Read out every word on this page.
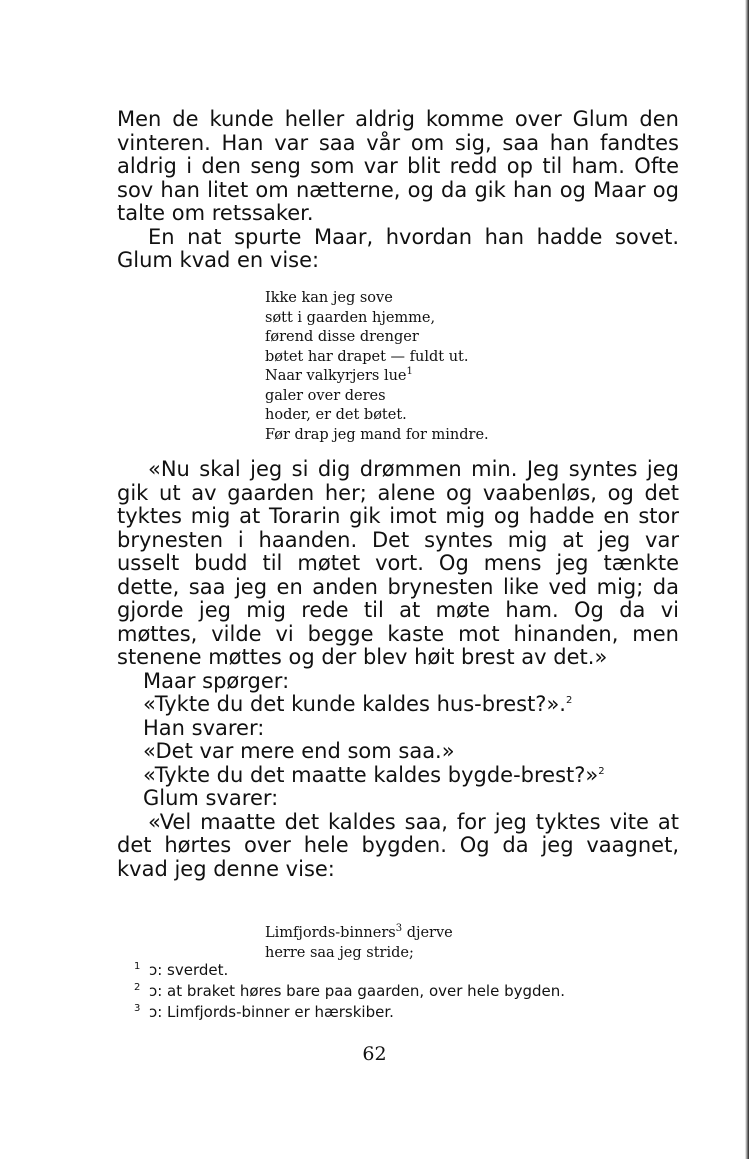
Men de kunde heller aldrig komme over Glum den vinteren. Han var saa vår om sig, saa han fandtes aldrig i den seng som var blit redd op til ham. Ofte sov han litet om nætterne, og da gik han og Maar og talte om retssaker.

En nat spurte Maar, hvordan han hadde sovet. Glum kvad en vise:

Ikke kan jeg sove
søtt i gaarden hjemme,
førend disse drenger
bøtet har drapet — fuldt ut.
Naar valkyrjers lue$^1$
galer over deres
hoder, er det bøtet.
Før drap jeg mand for mindre.

«Nu skal jeg si dig drømmen min. Jeg syntes jeg gik ut av gaarden her; alene og vaabenløs, og det tyktes mig at Torarin gik imot mig og hadde en stor brynesten i haanden. Det syntes mig at jeg var usselt budd til møtet vort. Og mens jeg tænkte dette, saa jeg en anden brynesten like ved mig; da gjorde jeg mig rede til at møte ham. Og da vi møttes, vilde vi begge kaste mot hinanden, men stenene møttes og der blev høit brest av det.»

Maar spørger:

«Tykte du det kunde kaldes hus-brest?».$^2$

Han svarer:

«Det var mere end som saa.»

«Tykte du det maatte kaldes bygde-brest?»$^2$

Glum svarer:

«Vel maatte det kaldes saa, for jeg tyktes vite at det hørtes over hele bygden. Og da jeg vaagnet, kvad jeg denne vise:

Limfjords-binners$^3$ djerve
herre saa jeg stride;
1 ɔ: sverdet.
2 ɔ: at braket høres bare paa gaarden, over hele bygden.
3 ɔ: Limfjords-binner er hærskiber.
62
